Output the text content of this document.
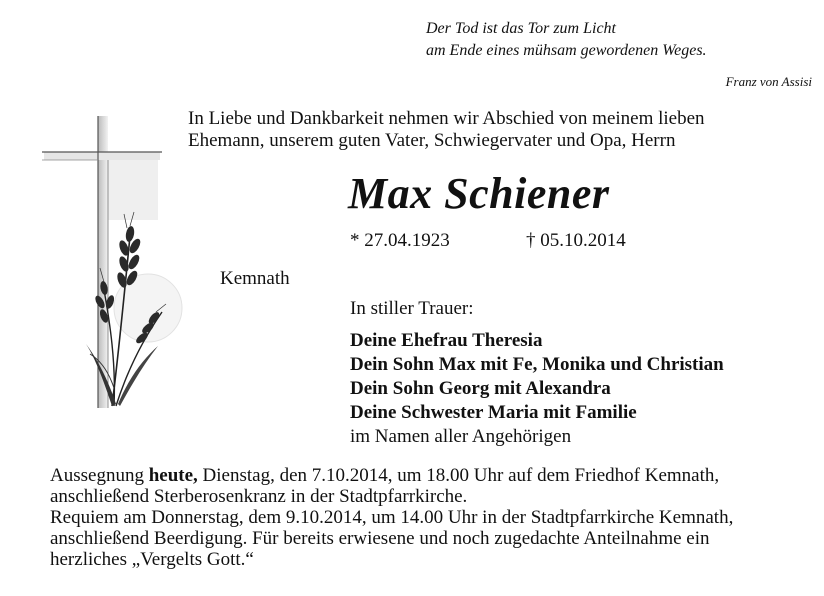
Der Tod ist das Tor zum Licht
am Ende eines mühsam gewordenen Weges.
Franz von Assisi
In Liebe und Dankbarkeit nehmen wir Abschied von meinem lieben
Ehemann, unserem guten Vater, Schwiegervater und Opa, Herrn
Max Schiener
* 27.04.1923	† 05.10.2014
Kemnath
In stiller Trauer:
Deine Ehefrau Theresia
Dein Sohn Max mit Fe, Monika und Christian
Dein Sohn Georg mit Alexandra
Deine Schwester Maria mit Familie
im Namen aller Angehörigen
Aussegnung heute, Dienstag, den 7.10.2014, um 18.00 Uhr auf dem Friedhof Kemnath,
anschließend Sterberosenkranz in der Stadtpfarrkirche.
Requiem am Donnerstag, dem 9.10.2014, um 14.00 Uhr in der Stadtpfarrkirche Kemnath,
anschließend Beerdigung. Für bereits erwiesene und noch zugedachte Anteilnahme ein
herzliches „Vergelts Gott.“
